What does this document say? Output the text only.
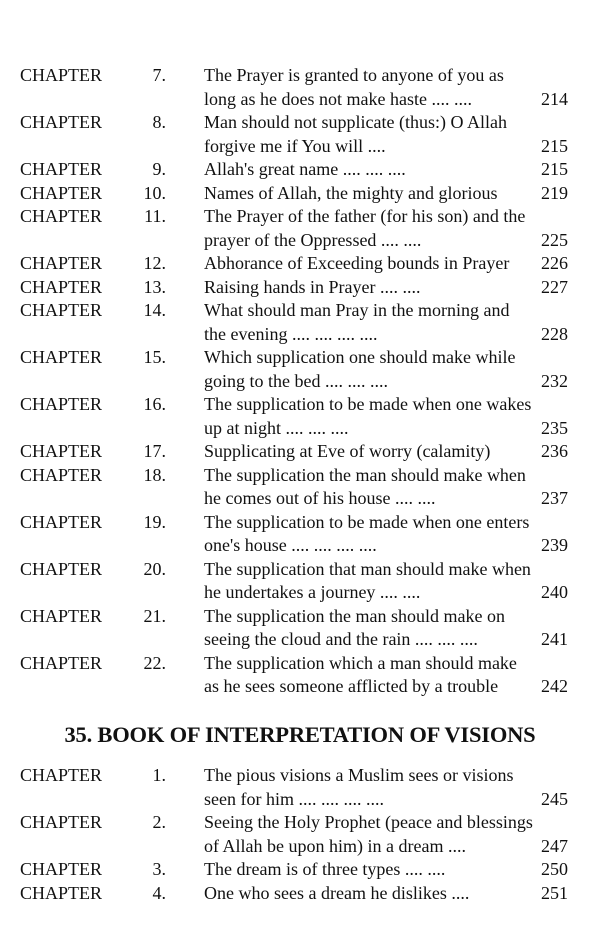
CHAPTER	7. The Prayer is granted to anyone of you as long as he does not make haste .... ....	214
CHAPTER	8. Man should not supplicate (thus:) O Allah forgive me if You will ....	215
CHAPTER	9. Allah's great name .... .... ....	215
CHAPTER	10. Names of Allah, the mighty and glorious	219
CHAPTER	11. The Prayer of the father (for his son) and the prayer of the Oppressed .... ....	225
CHAPTER	12. Abhorance of Exceeding bounds in Prayer	226
CHAPTER	13. Raising hands in Prayer .... ....	227
CHAPTER	14. What should man Pray in the morning and the evening .... .... .... ....	228
CHAPTER	15. Which supplication one should make while going to the bed .... .... ....	232
CHAPTER	16. The supplication to be made when one wakes up at night .... .... ....	235
CHAPTER	17. Supplicating at Eve of worry (calamity)	236
CHAPTER	18. The supplication the man should make when he comes out of his house .... ....	237
CHAPTER	19. The supplication to be made when one enters one's house .... .... .... ....	239
CHAPTER	20. The supplication that man should make when he undertakes a journey .... ....	240
CHAPTER	21. The supplication the man should make on seeing the cloud and the rain .... .... ....	241
CHAPTER	22. The supplication which a man should make as he sees someone afflicted by a trouble	242
35. BOOK OF INTERPRETATION OF VISIONS
CHAPTER	1. The pious visions a Muslim sees or visions seen for him .... .... .... ....	245
CHAPTER	2. Seeing the Holy Prophet (peace and blessings of Allah be upon him) in a dream ....	247
CHAPTER	3. The dream is of three types .... ....	250
CHAPTER	4. One who sees a dream he dislikes ....	251
